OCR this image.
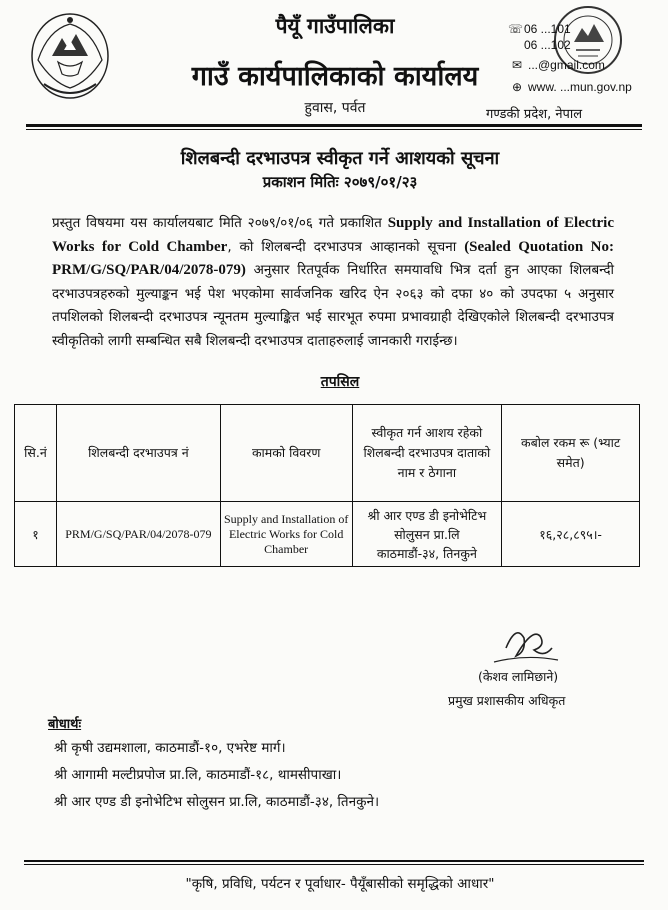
पैयूँ गाउँपालिका
गाउँ कार्यपालिकाको कार्यालय
हुवास, पर्वत
☏06 ...101
06 ...102
✉ ...@gmail.com
⊕ www. ...mun.gov.np
गण्डकी प्रदेश, नेपाल
शिलबन्दी दरभाउपत्र स्वीकृत गर्ने आशयको सूचना
प्रकाशन मितिः २०७९/०१/२३
प्रस्तुत विषयमा यस कार्यालयबाट मिति २०७९/०१/०६ गते प्रकाशित Supply and Installation of Electric Works for Cold Chamber, को शिलबन्दी दरभाउपत्र आव्हानको सूचना (Sealed Quotation No: PRM/G/SQ/PAR/04/2078-079) अनुसार रितपूर्वक निर्धारित समयावधि भित्र दर्ता हुन आएका शिलबन्दी दरभाउपत्रहरुको मुल्याङ्कन भई पेश भएकोमा सार्वजनिक खरिद ऐन २०६३ को दफा ४० को उपदफा ५ अनुसार तपशिलको शिलबन्दी दरभाउपत्र न्यूनतम मुल्याङ्कित भई सारभूत रुपमा प्रभावग्राही देखिएकोले शिलबन्दी दरभाउपत्र स्वीकृतिको लागी सम्बन्धित सबै शिलबन्दी दरभाउपत्र दाताहरुलाई जानकारी गराईन्छ।
तपसिल
सि.नं	शिलबन्दी दरभाउपत्र नं	कामको विवरण	स्वीकृत गर्न आशय रहेको शिलबन्दी दरभाउपत्र दाताको नाम र ठेगाना	कबोल रकम रू (भ्याट समेत)
१	PRM/G/SQ/PAR/04/2078-079	Supply and Installation of Electric Works for Cold Chamber	श्री आर एण्ड डी इनोभेटिभ सोलुसन प्रा.लि
काठमाडौं-३४, तिनकुने	१६,२८,८९५।-
(केशव लामिछाने)
प्रमुख प्रशासकीय अधिकृत
बोधार्थः
श्री कृषी उद्यमशाला, काठमाडौं-१०, एभरेष्ट मार्ग।
श्री आगामी मल्टीप्रपोज प्रा.लि, काठमाडौं-१८, थामसीपाखा।
श्री आर एण्ड डी इनोभेटिभ सोलुसन प्रा.लि, काठमाडौं-३४, तिनकुने।
"कृषि, प्रविधि, पर्यटन र पूर्वाधार- पैयूँबासीको समृद्धिको आधार"
